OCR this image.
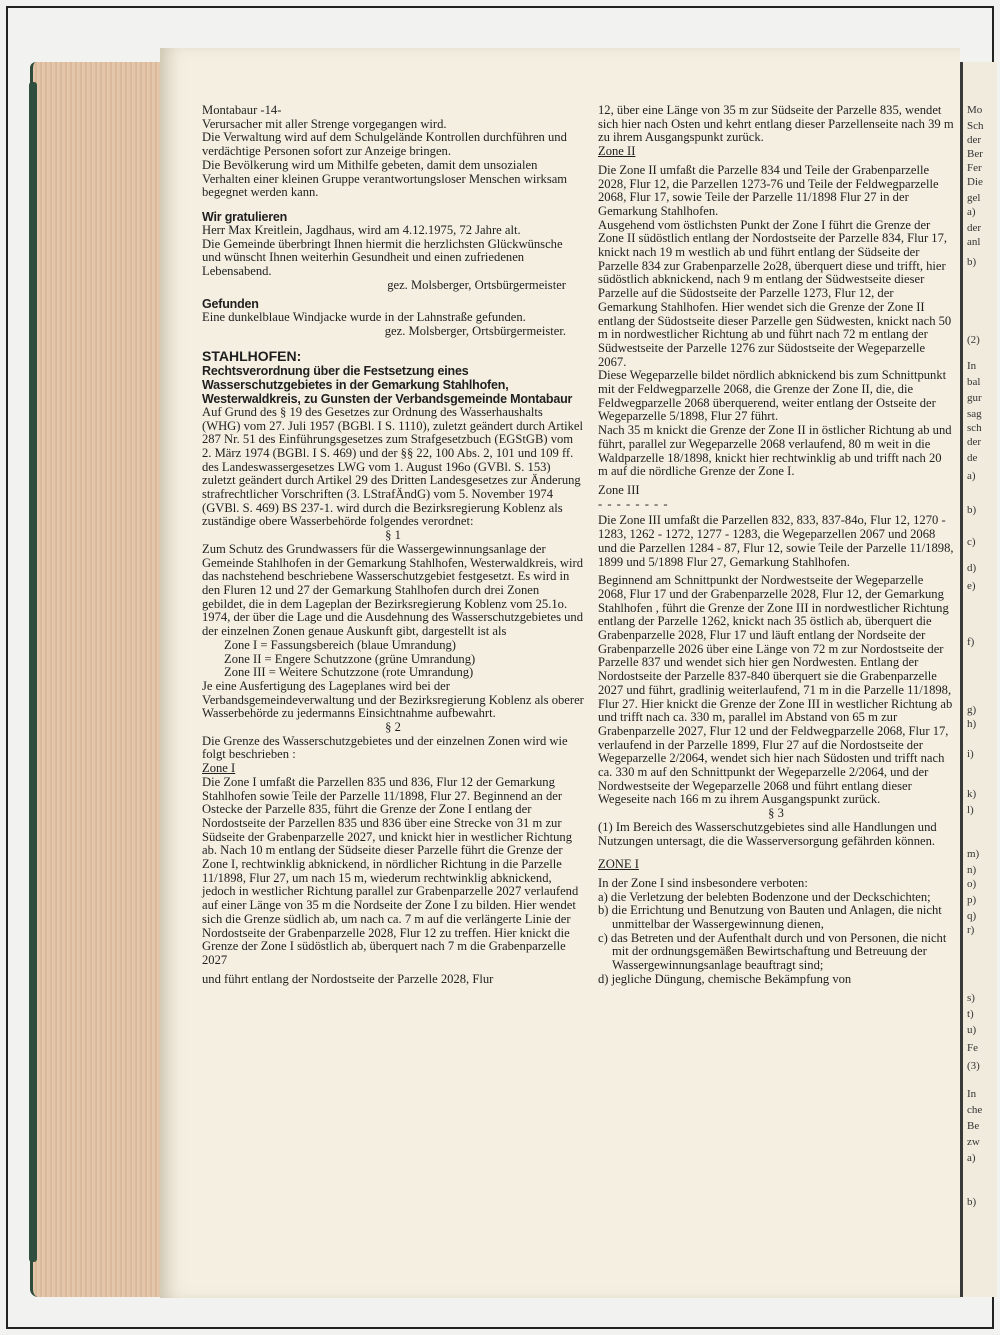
Mo
Sch
der
Ber
Fer
Die
gel
a)
der
anl
b)
(2)
In
bal
gur
sag
sch
der
de
a)
b)
c)
d)
e)
f)
g)
h)
i)
k)
l)
m)
n)
o)
p)
q)
r)
s)
t)
u)
Fe
(3)
In
che
Be
zw
a)
b)

Montabaur -14-

Verursacher mit aller Strenge vorgegangen wird.

Die Verwaltung wird auf dem Schulgelände Kontrollen durchführen und verdächtige Personen sofort zur Anzeige bringen.

Die Bevölkerung wird um Mithilfe gebeten, damit dem unsozialen Verhalten einer kleinen Gruppe verantwortungsloser Menschen wirksam begegnet werden kann.

Wir gratulieren

Herr Max Kreitlein, Jagdhaus, wird am 4.12.1975, 72 Jahre alt.

Die Gemeinde überbringt Ihnen hiermit die herzlichsten Glückwünsche und wünscht Ihnen weiterhin Gesundheit und einen zufriedenen Lebensabend.

gez. Molsberger, Ortsbürgermeister

Gefunden

Eine dunkelblaue Windjacke wurde in der Lahnstraße gefunden.

gez. Molsberger, Ortsbürgermeister.

STAHLHOFEN:

Rechtsverordnung über die Festsetzung eines Wasserschutzgebietes in der Gemarkung Stahlhofen, Westerwaldkreis, zu Gunsten der Verbandsgemeinde Montabaur

Auf Grund des § 19 des Gesetzes zur Ordnung des Wasserhaushalts (WHG) vom 27. Juli 1957 (BGBl. I S. 1110), zuletzt geändert durch Artikel 287 Nr. 51 des Einführungsgesetzes zum Strafgesetzbuch (EGStGB) vom 2. März 1974 (BGBl. I S. 469) und der §§ 22, 100 Abs. 2, 101 und 109 ff. des Landeswassergesetzes LWG vom 1. August 196o (GVBl. S. 153) zuletzt geändert durch Artikel 29 des Dritten Landesgesetzes zur Änderung strafrechtlicher Vorschriften (3. LStrafÄndG) vom 5. November 1974 (GVBl. S. 469) BS 237-1. wird durch die Bezirksregierung Koblenz als zuständige obere Wasserbehörde folgendes verordnet:

§ 1

Zum Schutz des Grundwassers für die Wassergewinnungsanlage der Gemeinde Stahlhofen in der Gemarkung Stahlhofen, Westerwaldkreis, wird das nachstehend beschriebene Wasserschutzgebiet festgesetzt. Es wird in den Fluren 12 und 27 der Gemarkung Stahlhofen durch drei Zonen gebildet, die in dem Lageplan der Bezirksregierung Koblenz vom 25.1o. 1974, der über die Lage und die Ausdehnung des Wasserschutzgebietes und der einzelnen Zonen genaue Auskunft gibt, dargestellt ist als

Zone I = Fassungsbereich (blaue Umrandung)

Zone II = Engere Schutzzone (grüne Umrandung)

Zone III = Weitere Schutzzone (rote Umrandung)

Je eine Ausfertigung des Lageplanes wird bei der Verbandsgemeindeverwaltung und der Bezirksregierung Koblenz als oberer Wasserbehörde zu jedermanns Einsichtnahme aufbewahrt.

§ 2

Die Grenze des Wasserschutzgebietes und der einzelnen Zonen wird wie folgt beschrieben :

Zone I

Die Zone I umfaßt die Parzellen 835 und 836, Flur 12 der Gemarkung Stahlhofen sowie Teile der Parzelle 11/1898, Flur 27. Beginnend an der Ostecke der Parzelle 835, führt die Grenze der Zone I entlang der Nordostseite der Parzellen 835 und 836 über eine Strecke von 31 m zur Südseite der Grabenparzelle 2027, und knickt hier in westlicher Richtung ab. Nach 10 m entlang der Südseite dieser Parzelle führt die Grenze der Zone I, rechtwinklig abknickend, in nördlicher Richtung in die Parzelle 11/1898, Flur 27, um nach 15 m, wiederum rechtwinklig abknickend, jedoch in westlicher Richtung parallel zur Grabenparzelle 2027 verlaufend auf einer Länge von 35 m die Nordseite der Zone I zu bilden. Hier wendet sich die Grenze südlich ab, um nach ca. 7 m auf die verlängerte Linie der Nordostseite der Grabenparzelle 2028, Flur 12 zu treffen. Hier knickt die Grenze der Zone I südöstlich ab, überquert nach 7 m die Grabenparzelle 2027

und führt entlang der Nordostseite der Parzelle 2028, Flur

12, über eine Länge von 35 m zur Südseite der Parzelle 835, wendet sich hier nach Osten und kehrt entlang dieser Parzellenseite nach 39 m zu ihrem Ausgangspunkt zurück.

Zone II

Die Zone II umfaßt die Parzelle 834 und Teile der Grabenparzelle 2028, Flur 12, die Parzellen 1273-76 und Teile der Feldwegparzelle 2068, Flur 17, sowie Teile der Parzelle 11/1898 Flur 27 in der Gemarkung Stahlhofen.

Ausgehend vom östlichsten Punkt der Zone I führt die Grenze der Zone II südöstlich entlang der Nordostseite der Parzelle 834, Flur 17, knickt nach 19 m westlich ab und führt entlang der Südseite der Parzelle 834 zur Grabenparzelle 2o28, überquert diese und trifft, hier südöstlich abknickend, nach 9 m entlang der Südwestseite dieser Parzelle auf die Südostseite der Parzelle 1273, Flur 12, der Gemarkung Stahlhofen. Hier wendet sich die Grenze der Zone II entlang der Südostseite dieser Parzelle gen Südwesten, knickt nach 50 m in nordwestlicher Richtung ab und führt nach 72 m entlang der Südwestseite der Parzelle 1276 zur Südostseite der Wegeparzelle 2067.

Diese Wegeparzelle bildet nördlich abknickend bis zum Schnittpunkt mit der Feldwegparzelle 2068, die Grenze der Zone II, die, die Feldwegparzelle 2068 überquerend, weiter entlang der Ostseite der Wegeparzelle 5/1898, Flur 27 führt.

Nach 35 m knickt die Grenze der Zone II in östlicher Richtung ab und führt, parallel zur Wegeparzelle 2068 verlaufend, 80 m weit in die Waldparzelle 18/1898, knickt hier rechtwinklig ab und trifft nach 20 m auf die nördliche Grenze der Zone I.

Zone III

- - - - - - - -

Die Zone III umfaßt die Parzellen 832, 833, 837-84o, Flur 12, 1270 - 1283, 1262 - 1272, 1277 - 1283, die Wegeparzellen 2067 und 2068 und die Parzellen 1284 - 87, Flur 12, sowie Teile der Parzelle 11/1898, 1899 und 5/1898 Flur 27, Gemarkung Stahlhofen.

Beginnend am Schnittpunkt der Nordwestseite der Wegeparzelle 2068, Flur 17 und der Grabenparzelle 2028, Flur 12, der Gemarkung Stahlhofen , führt die Grenze der Zone III in nordwestlicher Richtung entlang der Parzelle 1262, knickt nach 35 östlich ab, überquert die Grabenparzelle 2028, Flur 17 und läuft entlang der Nordseite der Grabenparzelle 2026 über eine Länge von 72 m zur Nordostseite der Parzelle 837 und wendet sich hier gen Nordwesten. Entlang der Nordostseite der Parzelle 837-840 überquert sie die Grabenparzelle 2027 und führt, gradlinig weiterlaufend, 71 m in die Parzelle 11/1898, Flur 27. Hier knickt die Grenze der Zone III in westlicher Richtung ab und trifft nach ca. 330 m, parallel im Abstand von 65 m zur Grabenparzelle 2027, Flur 12 und der Feldwegparzelle 2068, Flur 17, verlaufend in der Parzelle 1899, Flur 27 auf die Nordostseite der Wegeparzelle 2/2064, wendet sich hier nach Südosten und trifft nach ca. 330 m auf den Schnittpunkt der Wegeparzelle 2/2064, und der Nordwestseite der Wegeparzelle 2068 und führt entlang dieser Wegeseite nach 166 m zu ihrem Ausgangspunkt zurück.

§ 3

(1) Im Bereich des Wasserschutzgebietes sind alle Handlungen und Nutzungen untersagt, die die Wasserversorgung gefährden können.

ZONE I

In der Zone I sind insbesondere verboten:

a) die Verletzung der belebten Bodenzone und der Deckschichten;

b) die Errichtung und Benutzung von Bauten und Anlagen, die nicht unmittelbar der Wassergewinnung dienen,

c) das Betreten und der Aufenthalt durch und von Personen, die nicht mit der ordnungsgemäßen Bewirtschaftung und Betreuung der Wassergewinnungsanlage beauftragt sind;

d) jegliche Düngung, chemische Bekämpfung von
